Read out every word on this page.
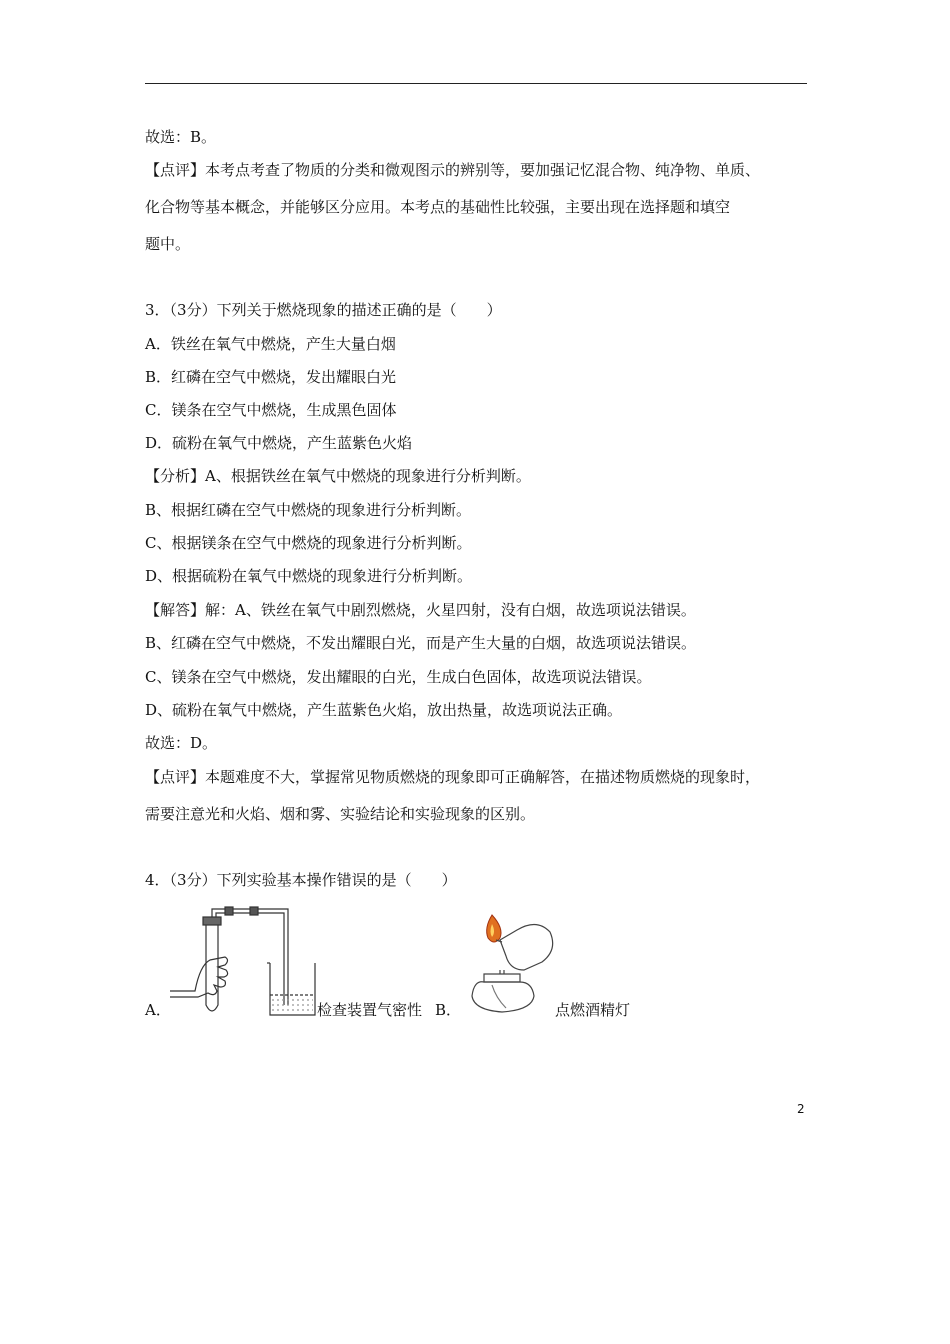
故选：B。
【点评】本考点考查了物质的分类和微观图示的辨别等，要加强记忆混合物、纯净物、单质、
化合物等基本概念，并能够区分应用。本考点的基础性比较强，主要出现在选择题和填空
题中。
3．（3分）下列关于燃烧现象的描述正确的是（　　）
A．铁丝在氧气中燃烧，产生大量白烟
B．红磷在空气中燃烧，发出耀眼白光
C．镁条在空气中燃烧，生成黑色固体
D．硫粉在氧气中燃烧，产生蓝紫色火焰
【分析】A、根据铁丝在氧气中燃烧的现象进行分析判断。
B、根据红磷在空气中燃烧的现象进行分析判断。
C、根据镁条在空气中燃烧的现象进行分析判断。
D、根据硫粉在氧气中燃烧的现象进行分析判断。
【解答】解：A、铁丝在氧气中剧烈燃烧，火星四射，没有白烟，故选项说法错误。
B、红磷在空气中燃烧，不发出耀眼白光，而是产生大量的白烟，故选项说法错误。
C、镁条在空气中燃烧，发出耀眼的白光，生成白色固体，故选项说法错误。
D、硫粉在氧气中燃烧，产生蓝紫色火焰，放出热量，故选项说法正确。
故选：D。
【点评】本题难度不大，掌握常见物质燃烧的现象即可正确解答，在描述物质燃烧的现象时，
需要注意光和火焰、烟和雾、实验结论和实验现象的区别。
4．（3分）下列实验基本操作错误的是（　　）
A．	检查装置气密性 B．	点燃酒精灯
2
